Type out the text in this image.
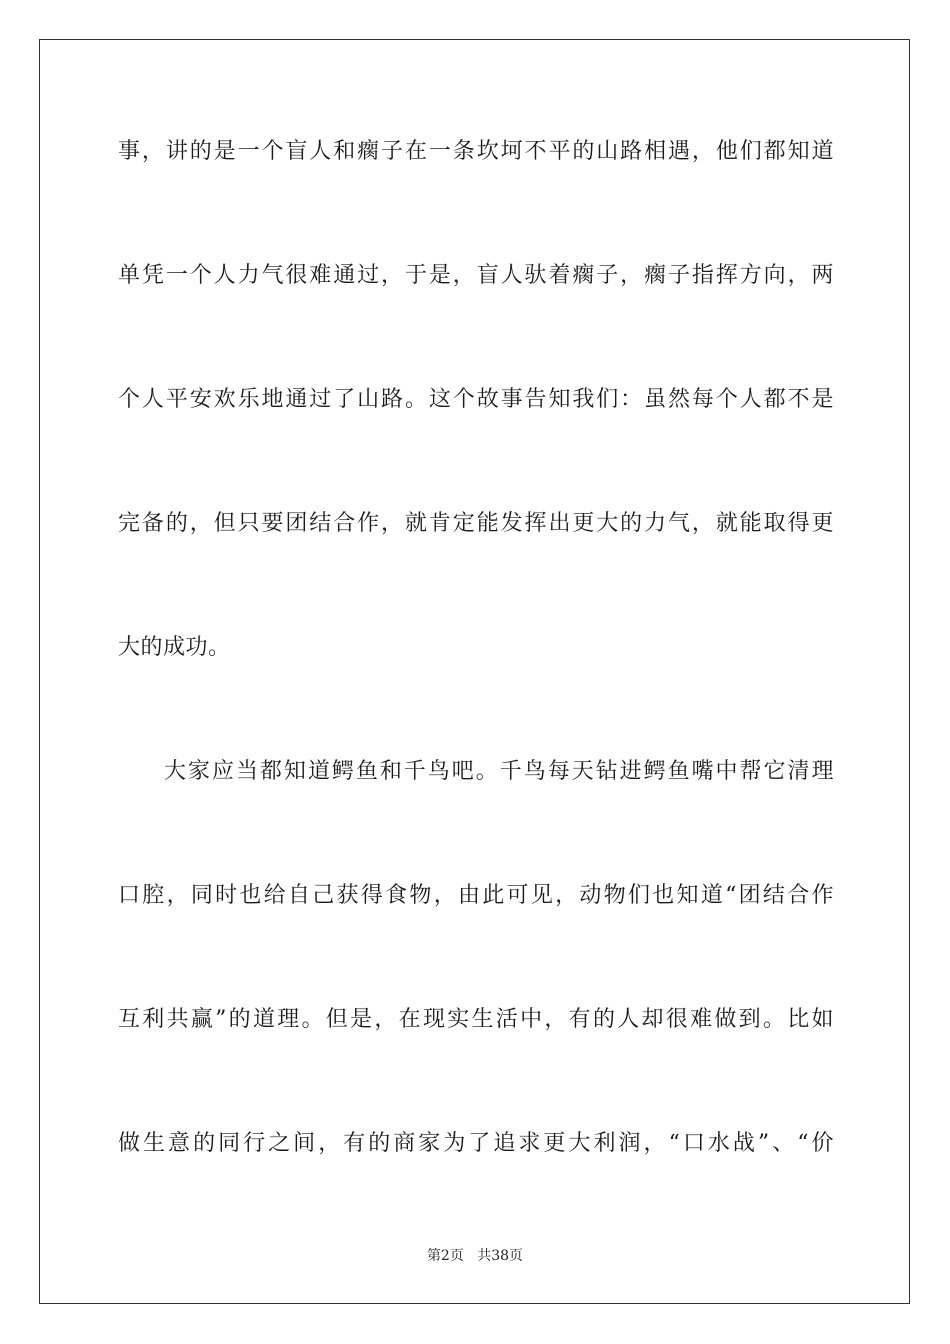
事，讲的是一个盲人和瘸子在一条坎坷不平的山路相遇，他们都知道
单凭一个人力气很难通过，于是，盲人驮着瘸子，瘸子指挥方向，两
个人平安欢乐地通过了山路。这个故事告知我们：虽然每个人都不是
完备的，但只要团结合作，就肯定能发挥出更大的力气，就能取得更
大的成功。
大家应当都知道鳄鱼和千鸟吧。千鸟每天钻进鳄鱼嘴中帮它清理
口腔，同时也给自己获得食物，由此可见，动物们也知道“团结合作
互利共赢”的道理。但是，在现实生活中，有的人却很难做到。比如
做生意的同行之间，有的商家为了追求更大利润，“口水战”、“价
第2页 共38页
